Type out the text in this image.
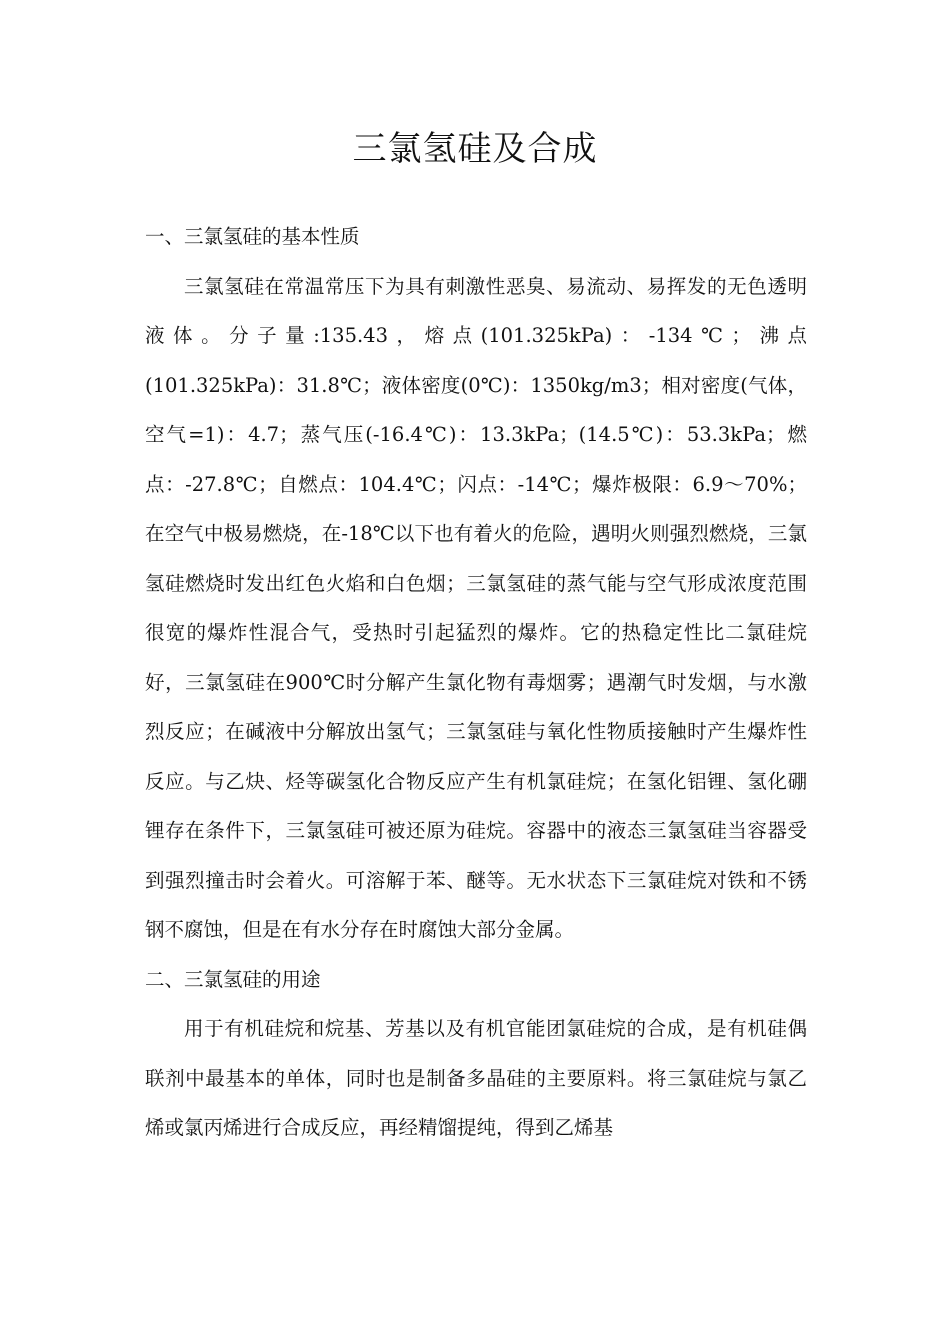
三氯氢硅及合成

一、三氯氢硅的基本性质

三氯氢硅在常温常压下为具有刺激性恶臭、易流动、易挥发的无色透明液体。分子量:135.43，熔点(101.325kPa)：-134℃；沸点(101.325kPa)：31.8℃；液体密度(0℃)：1350kg/m3；相对密度(气体，空气=1)：4.7；蒸气压(-16.4℃)：13.3kPa；(14.5℃)：53.3kPa；燃点：-27.8℃；自燃点：104.4℃；闪点：-14℃；爆炸极限：6.9～70%；在空气中极易燃烧，在-18℃以下也有着火的危险，遇明火则强烈燃烧，三氯氢硅燃烧时发出红色火焰和白色烟；三氯氢硅的蒸气能与空气形成浓度范围很宽的爆炸性混合气，受热时引起猛烈的爆炸。它的热稳定性比二氯硅烷好，三氯氢硅在900℃时分解产生氯化物有毒烟雾；遇潮气时发烟，与水激烈反应；在碱液中分解放出氢气；三氯氢硅与氧化性物质接触时产生爆炸性反应。与乙炔、烃等碳氢化合物反应产生有机氯硅烷；在氢化铝锂、氢化硼锂存在条件下，三氯氢硅可被还原为硅烷。容器中的液态三氯氢硅当容器受到强烈撞击时会着火。可溶解于苯、醚等。无水状态下三氯硅烷对铁和不锈钢不腐蚀，但是在有水分存在时腐蚀大部分金属。

二、三氯氢硅的用途

用于有机硅烷和烷基、芳基以及有机官能团氯硅烷的合成，是有机硅偶联剂中最基本的单体，同时也是制备多晶硅的主要原料。将三氯硅烷与氯乙烯或氯丙烯进行合成反应，再经精馏提纯，得到乙烯基
